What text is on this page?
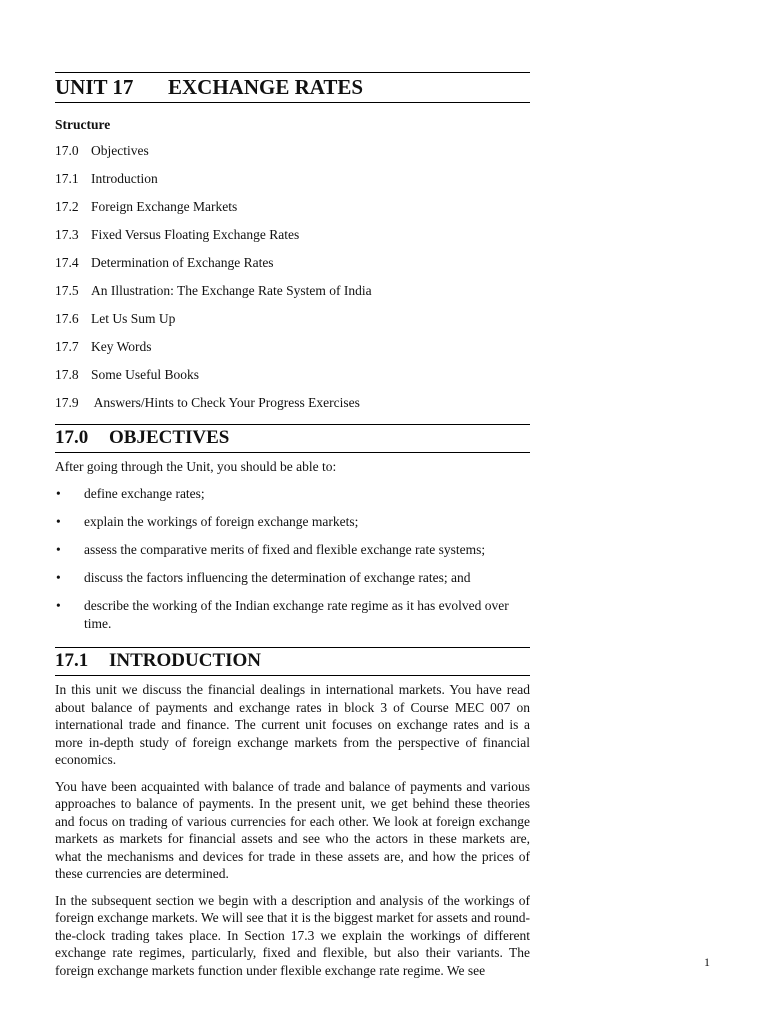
UNIT 17 EXCHANGE RATES
Structure
17.0 Objectives
17.1 Introduction
17.2 Foreign Exchange Markets
17.3 Fixed Versus Floating Exchange Rates
17.4 Determination of Exchange Rates
17.5 An Illustration: The Exchange Rate System of India
17.6 Let Us Sum Up
17.7 Key Words
17.8 Some Useful Books
17.9 Answers/Hints to Check Your Progress Exercises
17.0 OBJECTIVES

After going through the Unit, you should be able to:

• define exchange rates;
• explain the workings of foreign exchange markets;
• assess the comparative merits of fixed and flexible exchange rate systems;
• discuss the factors influencing the determination of exchange rates; and
• describe the working of the Indian exchange rate regime as it has evolved over time.
17.1 INTRODUCTION

In this unit we discuss the financial dealings in international markets. You have read about balance of payments and exchange rates in block 3 of Course MEC 007 on international trade and finance. The current unit focuses on exchange rates and is a more in-depth study of foreign exchange markets from the perspective of financial economics.

You have been acquainted with balance of trade and balance of payments and various approaches to balance of payments. In the present unit, we get behind these theories and focus on trading of various currencies for each other. We look at foreign exchange markets as markets for financial assets and see who the actors in these markets are, what the mechanisms and devices for trade in these assets are, and how the prices of these currencies are determined.

In the subsequent section we begin with a description and analysis of the workings of foreign exchange markets. We will see that it is the biggest market for assets and round-the-clock trading takes place. In Section 17.3 we explain the workings of different exchange rate regimes, particularly, fixed and flexible, but also their variants. The foreign exchange markets function under flexible exchange rate regime. We see

1
